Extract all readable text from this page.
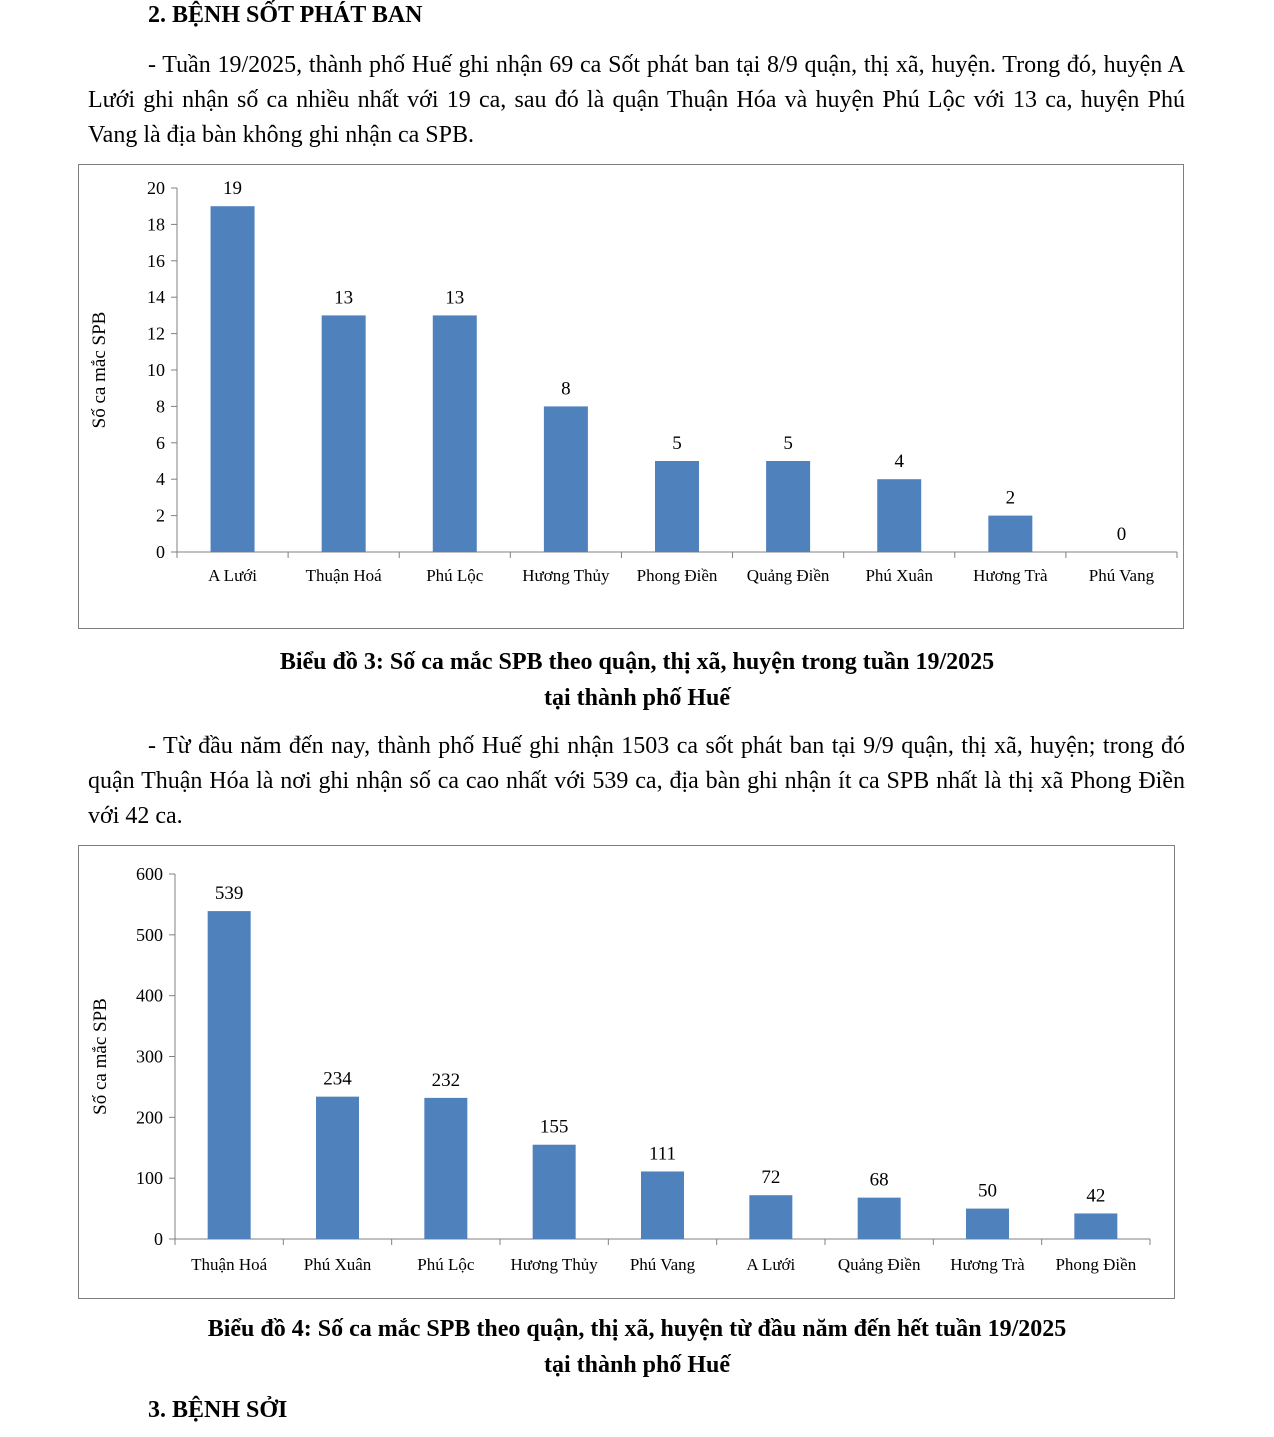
2. BỆNH SỐT PHÁT BAN

- Tuần 19/2025, thành phố Huế ghi nhận 69 ca Sốt phát ban tại 8/9 quận, thị xã, huyện. Trong đó, huyện A Lưới ghi nhận số ca nhiều nhất với 19 ca, sau đó là quận Thuận Hóa và huyện Phú Lộc với 13 ca, huyện Phú Vang là địa bàn không ghi nhận ca SPB.

0
2
4
6
8
10
12
14
16
18
20	19
A Lưới
13
Thuận Hoá
13
Phú Lộc
8
Hương Thủy
5
Phong Điền
5
Quảng Điền
4
Phú Xuân
2
Hương Trà
0
Phú Vang
Số ca mắc SPB

Biểu đồ 3: Số ca mắc SPB theo quận, thị xã, huyện trong tuần 19/2025

tại thành phố Huế

- Từ đầu năm đến nay, thành phố Huế ghi nhận 1503 ca sốt phát ban tại 9/9 quận, thị xã, huyện; trong đó quận Thuận Hóa là nơi ghi nhận số ca cao nhất với 539 ca, địa bàn ghi nhận ít ca SPB nhất là thị xã Phong Điền với 42 ca.

0
100
200
300
400
500
600
539
Thuận Hoá
234
Phú Xuân
232
Phú Lộc
155
Hương Thủy
111
Phú Vang
72
A Lưới
68
Quảng Điền
50
Hương Trà
42
Phong Điền
Số ca mắc SPB

Biểu đồ 4: Số ca mắc SPB theo quận, thị xã, huyện từ đầu năm đến hết tuần 19/2025

tại thành phố Huế

3. BỆNH SỞI
